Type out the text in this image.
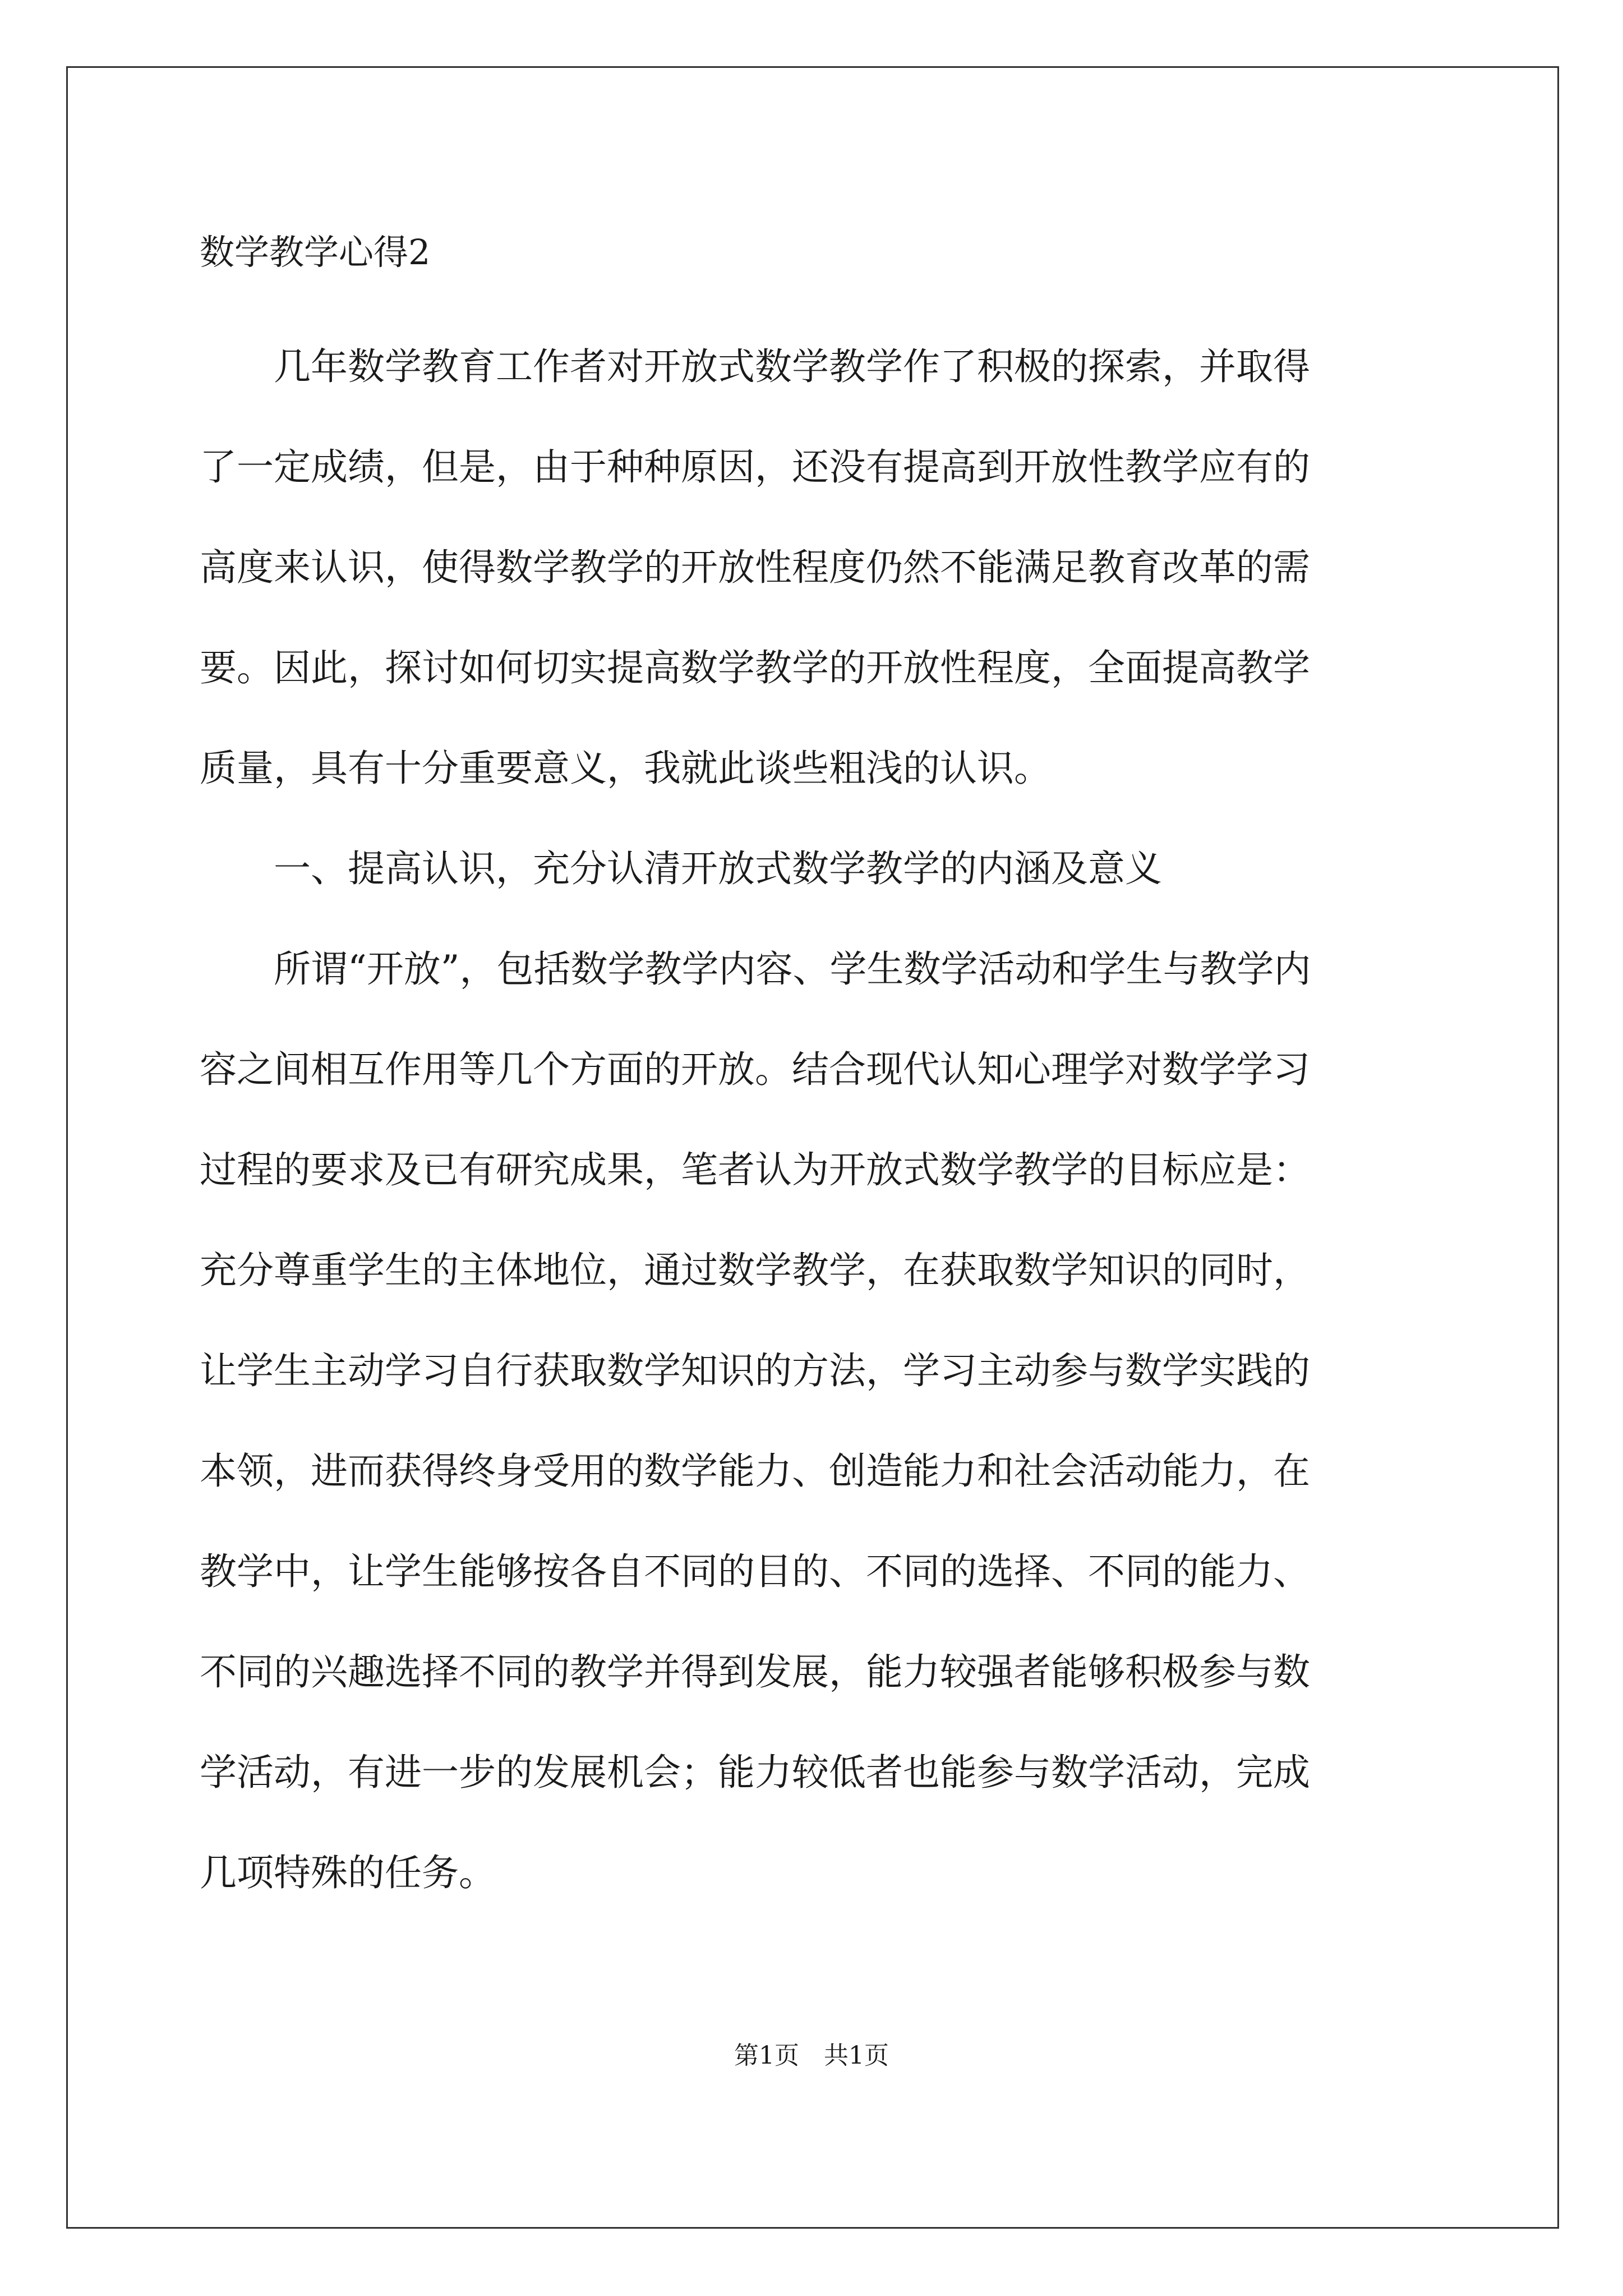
数学教学心得2

　　几年数学教育工作者对开放式数学教学作了积极的探索，并取得

了一定成绩，但是，由于种种原因，还没有提高到开放性教学应有的

高度来认识，使得数学教学的开放性程度仍然不能满足教育改革的需

要。因此，探讨如何切实提高数学教学的开放性程度，全面提高教学

质量，具有十分重要意义，我就此谈些粗浅的认识。

　　一、提高认识，充分认清开放式数学教学的内涵及意义

　　所谓“开放”，包括数学教学内容、学生数学活动和学生与教学内

容之间相互作用等几个方面的开放。结合现代认知心理学对数学学习

过程的要求及已有研究成果，笔者认为开放式数学教学的目标应是：

充分尊重学生的主体地位，通过数学教学，在获取数学知识的同时，

让学生主动学习自行获取数学知识的方法，学习主动参与数学实践的

本领，进而获得终身受用的数学能力、创造能力和社会活动能力，在

教学中，让学生能够按各自不同的目的、不同的选择、不同的能力、

不同的兴趣选择不同的教学并得到发展，能力较强者能够积极参与数

学活动，有进一步的发展机会；能力较低者也能参与数学活动，完成

几项特殊的任务。

第1页 共1页
